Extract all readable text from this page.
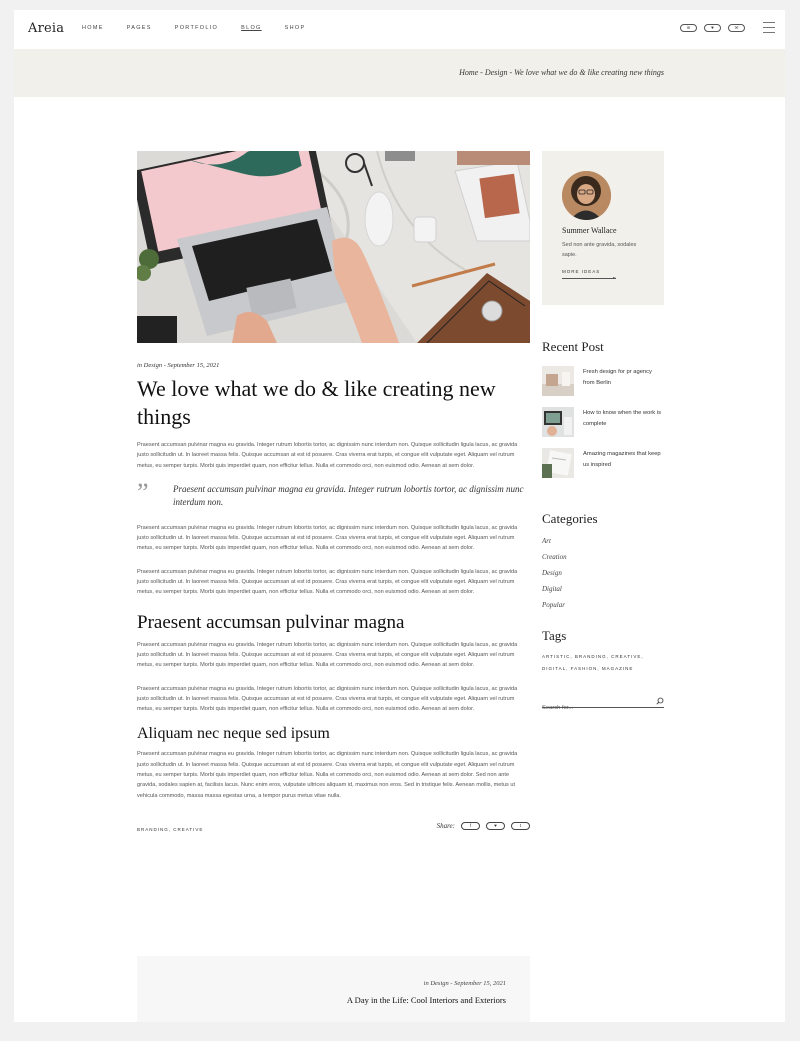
Areia	HOME	PAGES	PORTFOLIO	BLOG	SHOP	in	♥	✉
Home - Design - We love what we do & like creating new things
in Design - September 15, 2021
We love what we do & like creating new things

Praesent accumsan pulvinar magna eu gravida. Integer rutrum lobortis tortor, ac dignissim nunc interdum non. Quisque sollicitudin ligula lacus, ac gravida justo sollicitudin ut. In laoreet massa felis. Quisque accumsan at est id posuere. Cras viverra erat turpis, et congue elit vulputate eget. Aliquam vel rutrum metus, eu semper turpis. Morbi quis imperdiet quam, non efficitur tellus. Nulla et commodo orci, non euismod odio. Aenean at sem dolor.

”	Praesent accumsan pulvinar magna eu gravida. Integer rutrum lobortis tortor, ac dignissim nunc interdum non.

Praesent accumsan pulvinar magna eu gravida. Integer rutrum lobortis tortor, ac dignissim nunc interdum non. Quisque sollicitudin ligula lacus, ac gravida justo sollicitudin ut. In laoreet massa felis. Quisque accumsan at est id posuere. Cras viverra erat turpis, et congue elit vulputate eget. Aliquam vel rutrum metus, eu semper turpis. Morbi quis imperdiet quam, non efficitur tellus. Nulla et commodo orci, non euismod odio. Aenean at sem dolor.

Praesent accumsan pulvinar magna eu gravida. Integer rutrum lobortis tortor, ac dignissim nunc interdum non. Quisque sollicitudin ligula lacus, ac gravida justo sollicitudin ut. In laoreet massa felis. Quisque accumsan at est id posuere. Cras viverra erat turpis, et congue elit vulputate eget. Aliquam vel rutrum metus, eu semper turpis. Morbi quis imperdiet quam, non efficitur tellus. Nulla et commodo orci, non euismod odio. Aenean at sem dolor.

Praesent accumsan pulvinar magna

Praesent accumsan pulvinar magna eu gravida. Integer rutrum lobortis tortor, ac dignissim nunc interdum non. Quisque sollicitudin ligula lacus, ac gravida justo sollicitudin ut. In laoreet massa felis. Quisque accumsan at est id posuere. Cras viverra erat turpis, et congue elit vulputate eget. Aliquam vel rutrum metus, eu semper turpis. Morbi quis imperdiet quam, non efficitur tellus. Nulla et commodo orci, non euismod odio. Aenean at sem dolor.

Praesent accumsan pulvinar magna eu gravida. Integer rutrum lobortis tortor, ac dignissim nunc interdum non. Quisque sollicitudin ligula lacus, ac gravida justo sollicitudin ut. In laoreet massa felis. Quisque accumsan at est id posuere. Cras viverra erat turpis, et congue elit vulputate eget. Aliquam vel rutrum metus, eu semper turpis. Morbi quis imperdiet quam, non efficitur tellus. Nulla et commodo orci, non euismod odio. Aenean at sem dolor.

Aliquam nec neque sed ipsum

Praesent accumsan pulvinar magna eu gravida. Integer rutrum lobortis tortor, ac dignissim nunc interdum non. Quisque sollicitudin ligula lacus, ac gravida justo sollicitudin ut. In laoreet massa felis. Quisque accumsan at est id posuere. Cras viverra erat turpis, et congue elit vulputate eget. Aliquam vel rutrum metus, eu semper turpis. Morbi quis imperdiet quam, non efficitur tellus. Nulla et commodo orci, non euismod odio. Aenean at sem dolor. Sed non ante gravida, sodales sapien at, facilisis lacus. Nunc enim eros, vulputate ultrices aliquam id, maximus non eros. Sed in tristique felis. Aenean mollis, metus ut vehicula commodo, massa massa egestas urna, a tempor purus metus vitae nulla.

BRANDING, CREATIVE	Share:	f	♥	t
in Design - September 15, 2021
A Day in the Life: Cool Interiors and Exteriors
Summer Wallace
Sed non ante gravida, sodales sapie.
MORE IDEAS
Recent Post
Fresh design for pr agency from Berlin
How to know when the work is complete
Amazing magazines that keep us inspired
Categories
Art
Creation
Design
Digital
Popular
Tags
ARTISTIC, BRANDING, CREATIVE, DIGITAL, FASHION, MAGAZINE
Search for...
